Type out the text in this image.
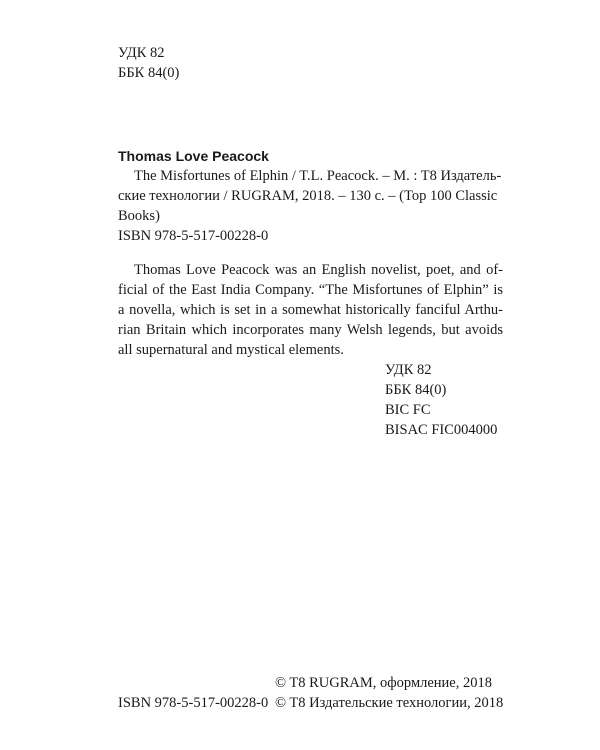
УДК 82
ББК 84(0)
Thomas Love Peacock
The Misfortunes of Elphin / T.L. Peacock. – M. : T8 Издатель-
ские технологии / RUGRAM, 2018. – 130 с. – (Top 100 Classic
Books)
ISBN 978-5-517-00228-0
Thomas Love Peacock was an English novelist, poet, and of-
ficial of the East India Company. “The Misfortunes of Elphin” is
a novella, which is set in a somewhat historically fanciful Arthu-
rian Britain which incorporates many Welsh legends, but avoids
all supernatural and mystical elements.
УДК 82
ББК 84(0)
BIC FC
BISAC FIC004000
ISBN 978-5-517-00228-0
© T8 RUGRAM, оформление, 2018
© T8 Издательские технологии, 2018
